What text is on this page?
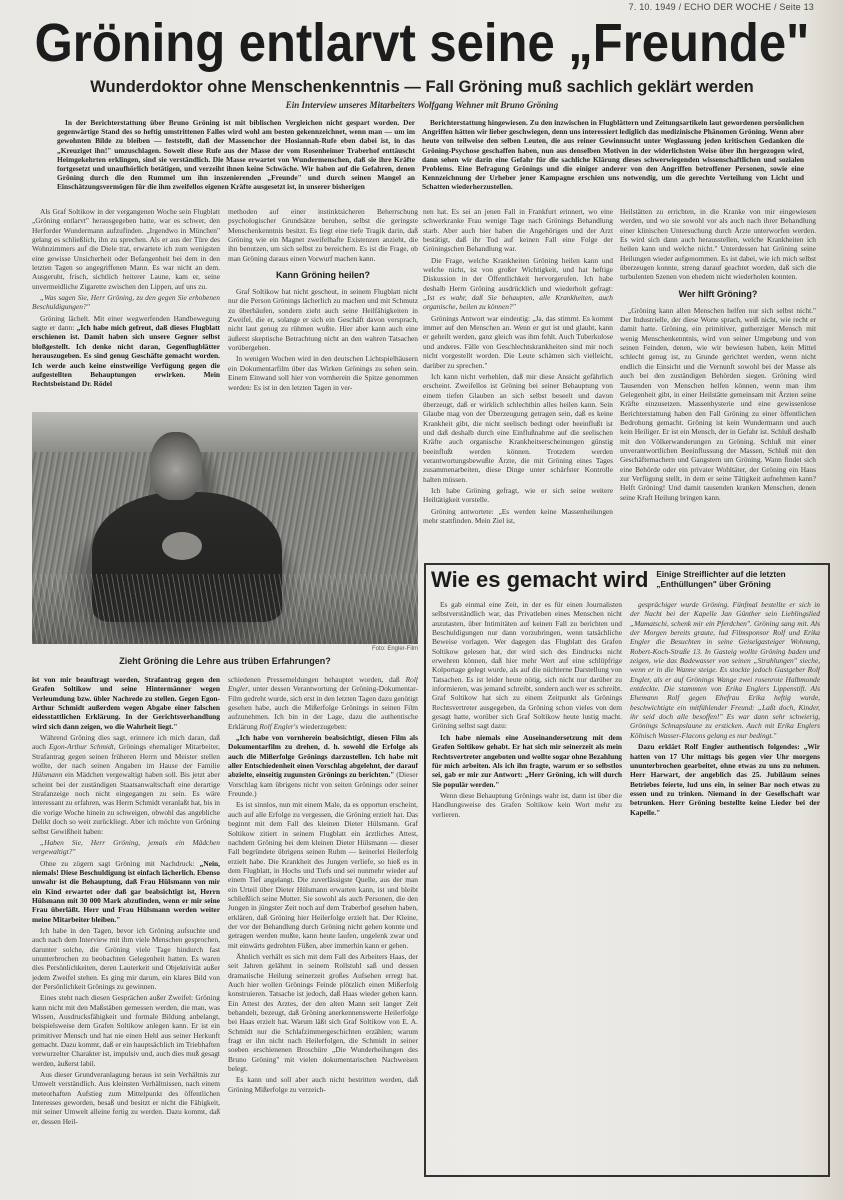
7. 10. 1949 / ECHO DER WOCHE / Seite 13
Gröning entlarvt seine „Freunde"
Wunderdoktor ohne Menschenkenntnis — Fall Gröning muß sachlich geklärt werden
Ein Interview unseres Mitarbeiters Wolfgang Wehner mit Bruno Gröning

In der Berichterstattung über Bruno Gröning ist mit biblischen Vergleichen nicht gespart worden. Der gegenwärtige Stand des so heftig umstrittenen Falles wird wohl am besten gekennzeichnet, wenn man — um im gewohnten Bilde zu bleiben — feststellt, daß der Massenchor der Hosiannah-Rufe eben dabei ist, in das „Kreuziget ihn!" umzuschlagen. Soweit diese Rufe aus der Masse der vom Rosenheimer Traberhof enttäuscht Heimgekehrten erklingen, sind sie verständlich. Die Masse erwartet von Wundermenschen, daß sie ihre Kräfte fortgesetzt und unaufhörlich betätigen, und verzeiht ihnen keine Schwäche. Wir haben auf die Gefahren, denen Gröning durch die den Rummel um ihn inszenierenden „Freunde" und durch seinen Mangel an Einschätzungsvermögen für die ihm zweifellos eigenen Kräfte ausgesetzt ist, in unserer bisherigen

Berichterstattung hingewiesen. Zu den inzwischen in Flugblättern und Zeitungsartikeln laut gewordenen persönlichen Angriffen hätten wir lieber geschwiegen, denn uns interessiert lediglich das medizinische Phänomen Gröning. Wenn aber heute von teilweise den selben Leuten, die aus reiner Gewinnsucht unter Weglassung jeden kritischen Gedanken die Gröning-Psychose geschaffen haben, nun aus denselben Motiven in der widerlichsten Weise über ihn hergezogen wird, dann sehen wir darin eine Gefahr für die sachliche Klärung dieses schwerwiegenden wissenschaftlichen und sozialen Problems. Eine Befragung Grönings und die einiger anderer von den Angriffen betroffener Personen, sowie eine Kennzeichnung der Urheber jener Kampagne erschien uns notwendig, um die gerechte Verteilung von Licht und Schatten wiederherzustellen.

Als Graf Soltikow in der vergangenen Woche sein Flugblatt „Gröning entlarvt" herausgegeben hatte, war es schwer, den Herforder Wundermann aufzufinden. „Irgendwo in München" gelang es schließlich, ihn zu sprechen. Als er aus der Türe des Wohnzimmers auf die Diele trat, erwartete ich zum wenigsten eine gewisse Unsicherheit oder Befangenheit bei dem in den letzten Tagen so angegriffenen Mann. Es war nicht an dem. Ausgeruht, frisch, sichtlich heiterer Laune, kam er, seine unvermeidliche Zigarette zwischen den Lippen, auf uns zu.

„Was sagen Sie, Herr Gröning, zu den gegen Sie erhobenen Beschuldigungen?"

Gröning lächelt. Mit einer wegwerfenden Handbewegung sagte er dann: „Ich habe mich gefreut, daß dieses Flugblatt erschienen ist. Damit haben sich unsere Gegner selbst bloßgestellt. Ich denke nicht daran, Gegenflugblätter herauszugeben. Es sind genug Geschäfte gemacht worden. Ich werde auch keine einstweilige Verfügung gegen die aufgestellten Behauptungen erwirken. Mein Rechtsbeistand Dr. Rödel

methoden auf einer instinktsicheren Beherrschung psychologischer Grundsätze beruhen, selbst die geringste Menschenkenntnis besitzt. Es liegt eine tiefe Tragik darin, daß Gröning wie ein Magnet zweifelhafte Existenzen anzieht, die ihn benutzen, um sich selbst zu bereichern. Es ist die Frage, ob man Gröning daraus einen Vorwurf machen kann.

Kann Gröning heilen?

Graf Soltikow hat nicht gescheut, in seinem Flugblatt nicht nur die Person Grönings lächerlich zu machen und mit Schmutz zu überhäufen, sondern zieht auch seine Heilfähigkeiten in Zweifel, die er, solange er sich ein Geschäft davon versprach, nicht laut genug zu rühmen wußte. Hier aber kann auch eine äußerst skeptische Betrachtung nicht an den wahren Tatsachen vorübergehen.

In wenigen Wochen wird in den deutschen Lichtspielhäusern ein Dokumentarfilm über das Wirken Grönings zu sehen sein. Einem Einwand soll hier von vornherein die Spitze genommen werden: Es ist in den letzten Tagen in ver-

nen hat. Es sei an jenen Fall in Frankfurt erinnert, wo eine schwerkranke Frau wenige Tage nach Grönings Behandlung starb. Aber auch hier haben die Angehörigen und der Arzt bestätigt, daß ihr Tod auf keinen Fall eine Folge der Gröningschen Behandlung war.

Die Frage, welche Krankheiten Gröning heilen kann und welche nicht, ist von großer Wichtigkeit, und hat heftige Diskussion in der Öffentlichkeit hervorgerufen. Ich habe deshalb Herrn Gröning ausdrücklich und wiederholt gefragt: „Ist es wahr, daß Sie behaupten, alle Krankheiten, auch organische, heilen zu können?"

Grönings Antwort war eindeutig: „Ja, das stimmt. Es kommt immer auf den Menschen an. Wenn er gut ist und glaubt, kann er geheilt werden, ganz gleich was ihm fehlt. Auch Tuberkulose und anderes. Fälle von Geschlechtskrankheiten sind mir noch nicht vorgestellt worden. Die Leute schämen sich vielleicht, darüber zu sprechen."

Ich kann nicht verhehlen, daß mir diese Ansicht gefährlich erscheint. Zweifellos ist Gröning bei seiner Behauptung von einem tiefen Glauben an sich selbst beseelt und davon überzeugt, daß er wirklich schlechthin alles heilen kann. Sein Glaube mag von der Überzeugung getragen sein, daß es keine Krankheit gibt, die nicht seelisch bedingt oder beeinflußt ist und daß deshalb durch eine Einflußnahme auf die seelischen Kräfte auch organische Krankheitserscheinungen günstig beeinflußt werden können. Trotzdem werden verantwortungsbewußte Ärzte, die mit Gröning eines Tages zusammenarbeiten, diese Dinge unter schärfster Kontrolle halten müssen.

Ich habe Gröning gefragt, wie er sich seine weitere Heiltätigkeit vorstelle.

Gröning antwortete: „Es werden keine Massenheilungen mehr stattfinden. Mein Ziel ist,

Heilstätten zu errichten, in die Kranke von mir eingewiesen werden, und wo sie sowohl vor als auch nach ihrer Behandlung einer klinischen Untersuchung durch Ärzte unterworfen werden. Es wird sich dann auch herausstellen, welche Krankheiten ich heilen kann und welche nicht." Unterdessen hat Gröning seine Heilungen wieder aufgenommen. Es ist dabei, wie ich mich selbst überzeugen konnte, streng darauf geachtet worden, daß sich die turbulenten Szenen von ehedem nicht wiederholen konnten.

Wer hilft Gröning?

„Gröning kann allen Menschen helfen nur sich selbst nicht." Der Industrielle, der diese Worte sprach, weiß nicht, wie recht er damit hatte. Gröning, ein primitiver, gutherziger Mensch mit wenig Menschenkenntnis, wird von seiner Umgebung und von seinen Feinden, denen, wie wir bewiesen haben, kein Mittel schlecht genug ist, zu Grunde gerichtet werden, wenn nicht endlich die Einsicht und die Vernunft sowohl bei der Masse als auch bei den zuständigen Behörden siegen. Gröning wird Tausenden von Menschen helfen können, wenn man ihm Gelegenheit gibt, in einer Heilstätte gemeinsam mit Ärzten seine Kräfte einzusetzen. Massenhysterie und eine gewissenlose Berichterstattung haben den Fall Gröning zu einer öffentlichen Bedrohung gemacht. Gröning ist kein Wundermann und auch kein Heiliger. Er ist ein Mensch, der in Gefahr ist. Schluß deshalb mit den Völkerwanderungen zu Gröning. Schluß mit einer unverantwortlichen Beeinflussung der Massen, Schluß mit den Geschäftemachern und Gangstern um Gröning. Wann findet sich eine Behörde oder ein privater Wohltäter, der Gröning ein Haus zur Verfügung stellt, in dem er seine Tätigkeit aufnehmen kann? Helft Gröning! Und damit tausenden kranken Menschen, denen seine Kraft Heilung bringen kann.

Foto: Engler-Film
Zieht Gröning die Lehre aus trüben Erfahrungen?

ist von mir beauftragt worden, Strafantrag gegen den Grafen Soltikow und seine Hintermänner wegen Verleumdung bzw. übler Nachrede zu stellen. Gegen Egon-Arthur Schmidt außerdem wegen Abgabe einer falschen eidesstattlichen Erklärung. In der Gerichtsverhandlung wird sich dann zeigen, wo die Wahrheit liegt."

Während Gröning dies sagt, erinnere ich mich daran, daß auch Egon-Arthur Schmidt, Grönings ehemaliger Mitarbeiter, Strafantrag gegen seinen früheren Herrn und Meister stellen wollte, der nach seinen Angaben im Hause der Familie Hülsmann ein Mädchen vergewaltigt haben soll. Bis jetzt aber scheint bei der zuständigen Staatsanwaltschaft eine derartige Strafanzeige noch nicht eingegangen zu sein. Es wäre interessant zu erfahren, was Herrn Schmidt veranlaßt hat, bis in die vorige Woche hinein zu schweigen, obwohl das angebliche Delikt doch so weit zurückliegt. Aber ich möchte von Gröning selbst Gewißheit haben:

„Haben Sie, Herr Gröning, jemals ein Mädchen vergewaltigt?"

Ohne zu zögern sagt Gröning mit Nachdruck: „Nein, niemals! Diese Beschuldigung ist einfach lächerlich. Ebenso unwahr ist die Behauptung, daß Frau Hülsmann von mir ein Kind erwartet oder daß gar beabsichtigt ist, Herrn Hülsmann mit 30 000 Mark abzufinden, wenn er mir seine Frau überläßt. Herr und Frau Hülsmann werden weiter meine Mitarbeiter bleiben."

Ich habe in den Tagen, bevor ich Gröning aufsuchte und auch nach dem Interview mit ihm viele Menschen gesprochen, darunter solche, die Gröning viele Tage hindurch fast ununterbrochen zu beobachten Gelegenheit hatten. Es waren dies Persönlichkeiten, deren Lauterkeit und Objektivität außer jedem Zweifel stehen. Es ging mir darum, ein klares Bild von der Persönlichkeit Grönings zu gewinnen.

Eines steht nach diesen Gesprächen außer Zweifel: Gröning kann nicht mit den Maßstäben gemessen werden, die man, was Wissen, Ausdrucksfähigkeit und formale Bildung anbelangt, beispielsweise dem Grafen Soltikow anlegen kann. Er ist ein primitiver Mensch und hat nie einen Hehl aus seiner Herkunft gemacht. Dazu kommt, daß er ein hauptsächlich im Triebhaften verwurzelter Charakter ist, impulsiv und, auch dies muß gesagt werden, äußerst labil.

Aus dieser Grundveranlagung heraus ist sein Verhältnis zur Umwelt verständlich. Aus kleinsten Verhältnissen, nach einem meteorhaften Aufstieg zum Mittelpunkt des öffentlichen Interesses geworden, besaß und besitzt er nicht die Fähigkeit, mit seiner Umwelt alleine fertig zu werden. Dazu kommt, daß er, dessen Heil-

schiedenen Pressemeldungen behauptet worden, daß Rolf Engler, unter dessen Verantwortung der Gröning-Dokumentar-Film gedreht wurde, sich erst in den letzten Tagen dazu genötigt gesehen habe, auch die Mißerfolge Grönings in seinen Film aufzunehmen. Ich bin in der Lage, dazu die authentische Erklärung Rolf Engler's wiederzugeben:

„Ich habe von vornherein beabsichtigt, diesen Film als Dokumentarfilm zu drehen, d. h. sowohl die Erfolge als auch die Mißerfolge Grönings darzustellen. Ich habe mit aller Entschiedenheit einen Vorschlag abgelehnt, der darauf abzielte, einseitig zugunsten Grönings zu berichten." (Dieser Vorschlag kam übrigens nicht von seiten Grönings oder seiner Freunde.)

Es ist sinnlos, nun mit einem Male, da es opportun erscheint, auch auf alle Erfolge zu vergessen, die Gröning erzielt hat. Das beginnt mit dem Fall des kleinen Dieter Hülsmann. Graf Soltikow zitiert in seinem Flugblatt ein ärztliches Attest, nachdem Gröning bei dem kleinen Dieter Hülsmann — dieser Fall begründete übrigens seinen Ruhm — keinerlei Heilerfolg erzielt habe. Die Krankheit des Jungen verliefe, so hieß es in dem Flugblatt, in Hochs und Tiefs und sei nunmehr wieder auf einem Tief angelangt. Die zuverlässigste Quelle, aus der man ein Urteil über Dieter Hülsmann erwarten kann, ist und bleibt schließlich seine Mutter. Sie sowohl als auch Personen, die den Jungen in jüngster Zeit noch auf dem Traberhof gesehen haben, erklären, daß Gröning hier Heilerfolge erzielt hat. Der Kleine, der vor der Behandlung durch Gröning nicht gehen konnte und getragen werden mußte, kann heute laufen, ungelenk zwar und mit einwärts gedrehten Füßen, aber immerhin kann er gehen.

Ähnlich verhält es sich mit dem Fall des Arbeiters Haas, der seit Jahren gelähmt in seinem Rollstuhl saß und dessen dramatische Heilung seinerzeit großes Aufsehen erregt hat. Auch hier wollen Grönings Feinde plötzlich einen Mißerfolg konstruieren. Tatsache ist jedoch, daß Haas wieder gehen kann. Ein Attest des Arztes, der den alten Mann seit langer Zeit behandelt, bezeugt, daß Gröning anerkennenswerte Heilerfolge bei Haas erzielt hat. Warum läßt sich Graf Soltikow von E. A. Schmidt nur die Schlafzimmergeschichten erzählen; warum fragt er ihn nicht nach Heilerfolgen, die Schmidt in seiner soeben erschienenen Broschüre „Die Wunderheilungen des Bruno Gröning" mit vielen dokumentarischen Nachweisen belegt.

Es kann und soll aber auch nicht bestritten werden, daß Gröning Mißerfolge zu verzeich-

Wie es gemacht wird Einige Streiflichter auf die letzten „Enthüllungen" über Gröning

Es gab einmal eine Zeit, in der es für einen Journalisten selbstverständlich war, das Privatleben eines Menschen nicht anzutasten, über Intimitäten auf keinen Fall zu berichten und Beschuldigungen nur dann vorzubringen, wenn tatsächliche Beweise vorlagen. Wer dagegen das Flugblatt des Grafen Soltikow gelesen hat, der wird sich des Eindrucks nicht erwehren können, daß hier mehr Wert auf eine schlüpfrige Kolportage gelegt wurde, als auf die nüchterne Darstellung von Tatsachen. Es ist leider heute nötig, sich nicht nur darüber zu informieren, was jemand schreibt, sondern auch wer es schreibt. Graf Soltikow hat sich zu einem Zeitpunkt als Grönings Rechtsvertreter ausgegeben, da Gröning schon vieles von dem gesagt hatte, worüber sich Graf Soltikow heute lustig macht. Gröning selbst sagt dazu:

Ich habe niemals eine Auseinandersetzung mit dem Grafen Soltikow gehabt. Er hat sich mir seinerzeit als mein Rechtsvertreter angeboten und wollte sogar ohne Bezahlung für mich arbeiten. Als ich ihn fragte, warum er so selbstlos sei, gab er mir zur Antwort: „Herr Gröning, ich will durch Sie populär werden."

Wenn diese Behauptung Grönings wahr ist, dann ist über die Handlungsweise des Grafen Soltikow kein Wort mehr zu verlieren.

gesprächiger wurde Gröning. Fünfmal bestellte er sich in der Nacht bei der Kapelle Jan Günther sein Lieblingslied „Mamatschi, schenk mir ein Pferdchen". Gröning sang mit. Als der Morgen bereits graute, lud Filmsponsor Rolf und Erika Engler die Besuchten in seine Geiselgasteiger Wohnung, Robert-Koch-Straße 13. In Gasteig wollte Gröning baden und zeigen, wie das Badewasser von seinen „Strahlungen" sieche, wenn er in die Wanne steige. Es stockte jedoch Gastgeber Rolf Engler, als er auf Grönings Wange zwei rosenrote Halbmonde entdeckte. Die stammten von Erika Englers Lippenstift. Als Ehemann Rolf gegen Ehefrau Erika heftig wurde, beschwichtigte ein mitfühlender Freund: „Laßt doch, Kinder, ihr seid doch alle besoffen!" Es war dann sehr schwierig, Grönings Schnapslaune zu ersticken. Auch mit Erika Englers Kölnisch Wasser-Flacons gelang es nur bedingt."

Dazu erklärt Rolf Engler authentisch folgendes: „Wir hatten von 17 Uhr mittags bis gegen vier Uhr morgens ununterbrochen gearbeitet, ohne etwas zu uns zu nehmen. Herr Harwart, der angeblich das 25. Jubiläum seines Betriebes feierte, lud uns ein, in seiner Bar noch etwas zu essen und zu trinken. Niemand in der Gesellschaft war betrunken. Herr Gröning bestellte keine Lieder bei der Kapelle."
